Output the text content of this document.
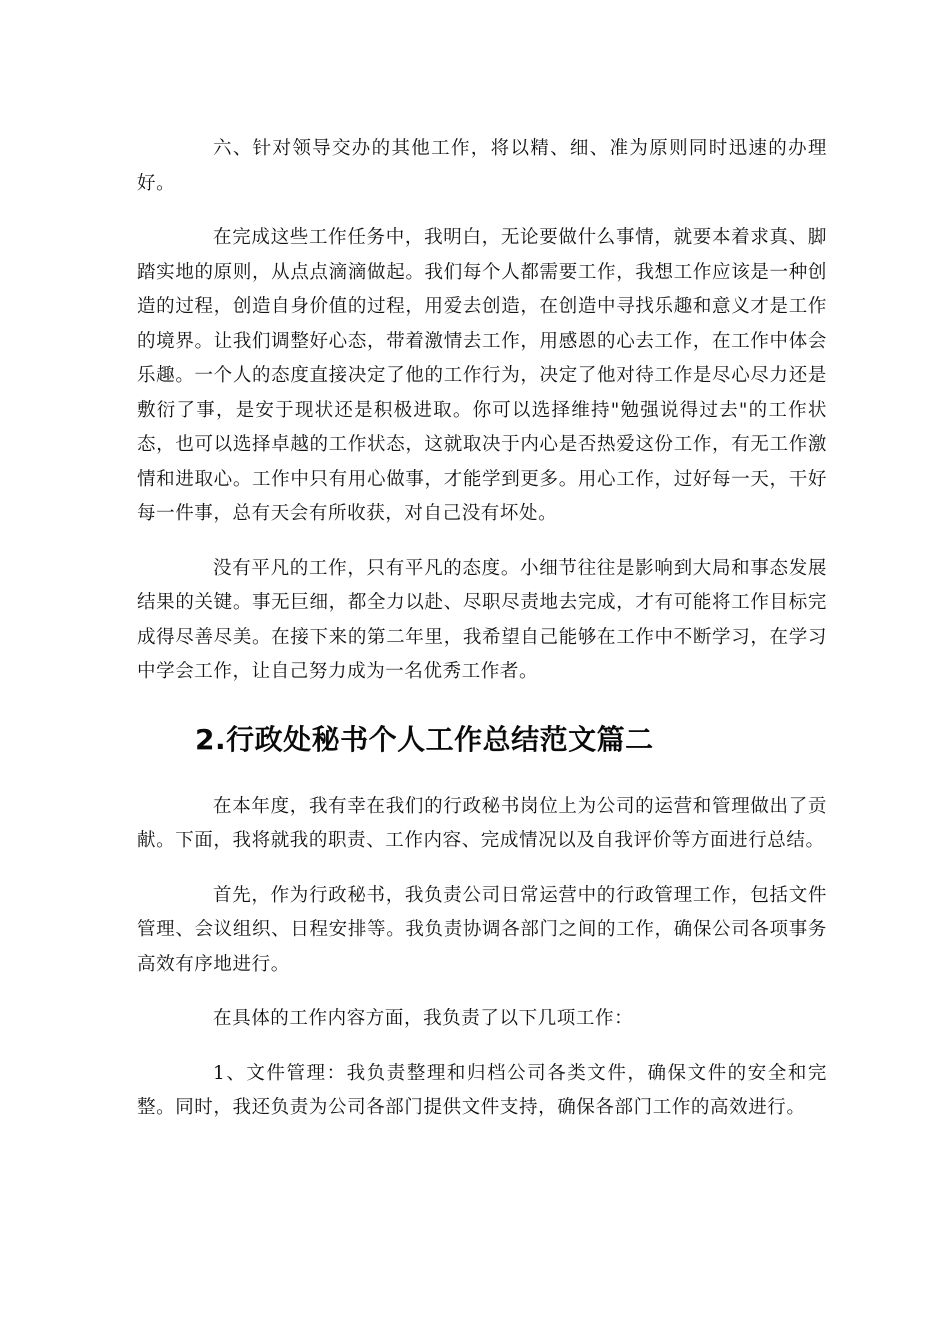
六、针对领导交办的其他工作，将以精、细、准为原则同时迅速的办理好。

在完成这些工作任务中，我明白，无论要做什么事情，就要本着求真、脚踏实地的原则，从点点滴滴做起。我们每个人都需要工作，我想工作应该是一种创造的过程，创造自身价值的过程，用爱去创造，在创造中寻找乐趣和意义才是工作的境界。让我们调整好心态，带着激情去工作，用感恩的心去工作，在工作中体会乐趣。一个人的态度直接决定了他的工作行为，决定了他对待工作是尽心尽力还是敷衍了事，是安于现状还是积极进取。你可以选择维持"勉强说得过去"的工作状态，也可以选择卓越的工作状态，这就取决于内心是否热爱这份工作，有无工作激情和进取心。工作中只有用心做事，才能学到更多。用心工作，过好每一天，干好每一件事，总有天会有所收获，对自己没有坏处。

没有平凡的工作，只有平凡的态度。小细节往往是影响到大局和事态发展结果的关键。事无巨细，都全力以赴、尽职尽责地去完成，才有可能将工作目标完成得尽善尽美。在接下来的第二年里，我希望自己能够在工作中不断学习，在学习中学会工作，让自己努力成为一名优秀工作者。

2.行政处秘书个人工作总结范文篇二

在本年度，我有幸在我们的行政秘书岗位上为公司的运营和管理做出了贡献。下面，我将就我的职责、工作内容、完成情况以及自我评价等方面进行总结。

首先，作为行政秘书，我负责公司日常运营中的行政管理工作，包括文件管理、会议组织、日程安排等。我负责协调各部门之间的工作，确保公司各项事务高效有序地进行。

在具体的工作内容方面，我负责了以下几项工作：

1、文件管理：我负责整理和归档公司各类文件，确保文件的安全和完整。同时，我还负责为公司各部门提供文件支持，确保各部门工作的高效进行。
